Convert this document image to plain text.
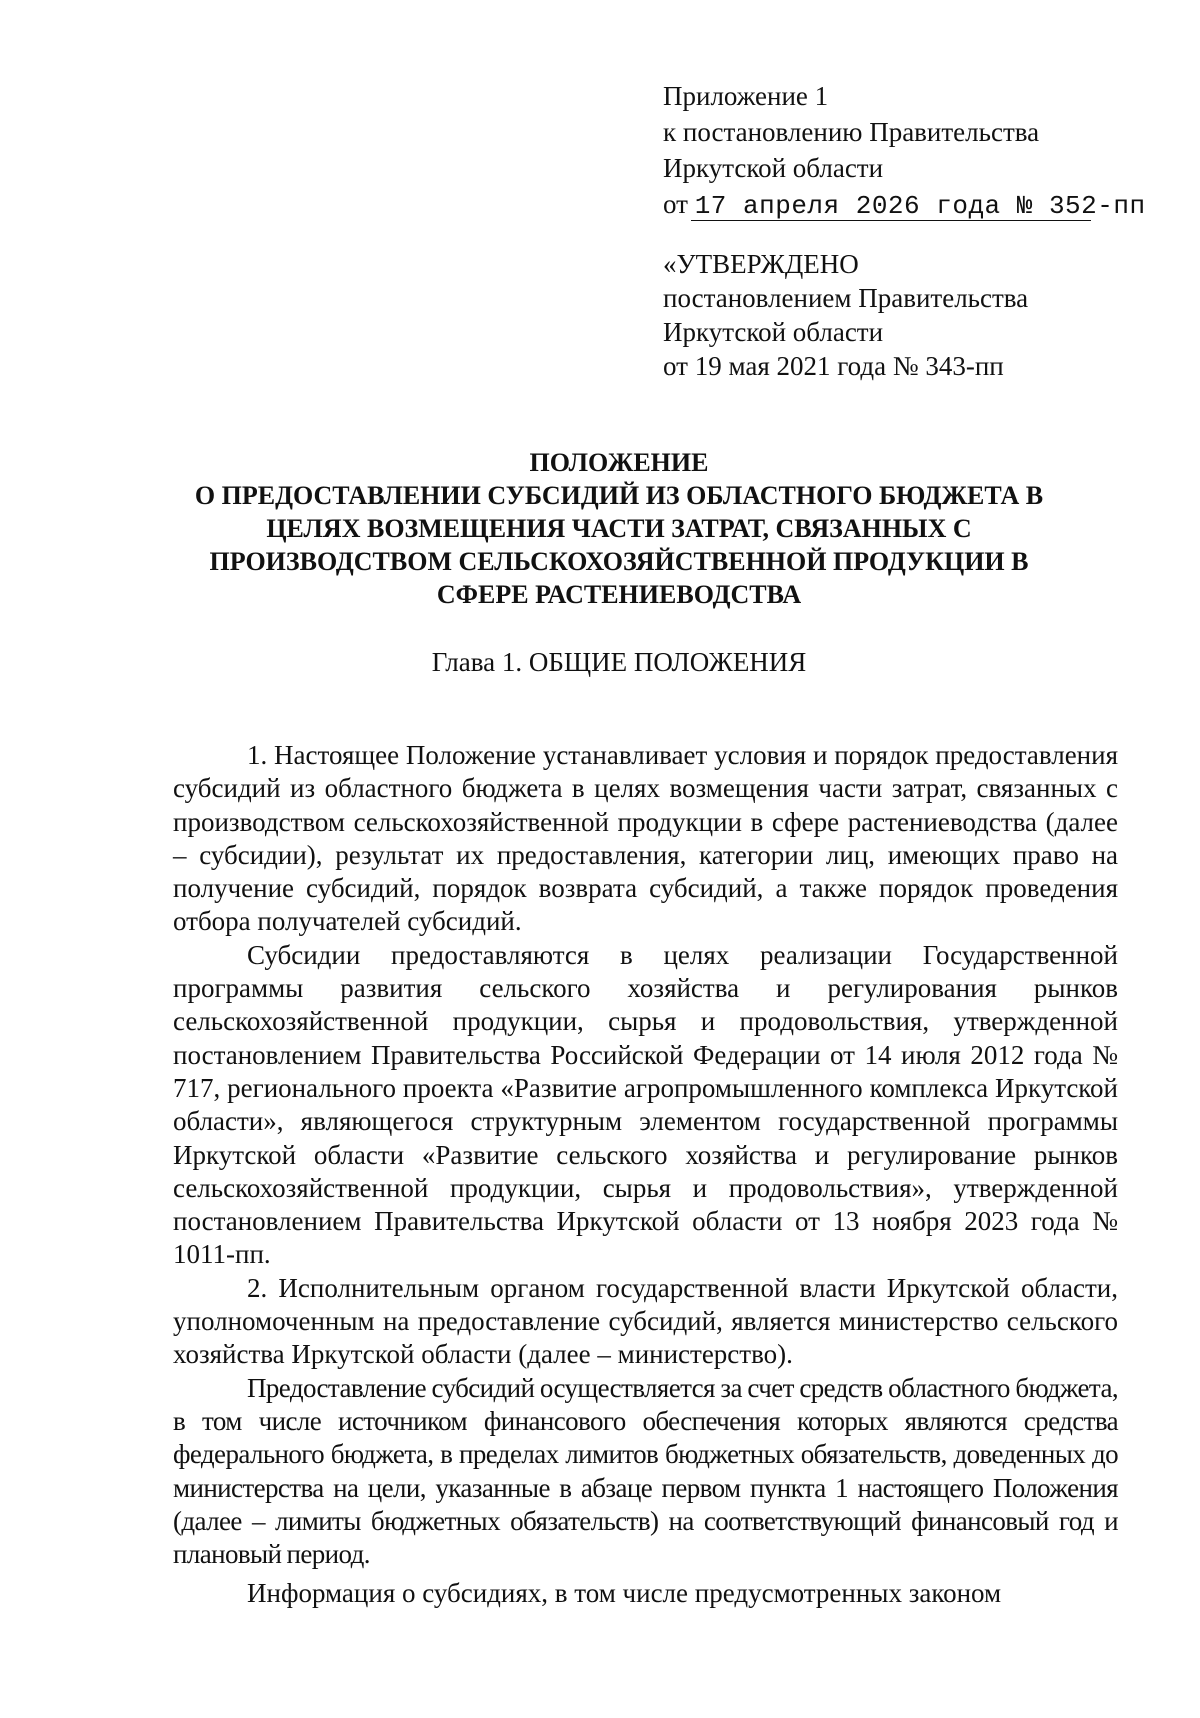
Приложение 1
к постановлению Правительства
Иркутской области
от 17 апреля 2026 года № 352-пп
«УТВЕРЖДЕНО
постановлением Правительства
Иркутской области
от 19 мая 2021 года № 343-пп
ПОЛОЖЕНИЕ
О ПРЕДОСТАВЛЕНИИ СУБСИДИЙ ИЗ ОБЛАСТНОГО БЮДЖЕТА В
ЦЕЛЯХ ВОЗМЕЩЕНИЯ ЧАСТИ ЗАТРАТ, СВЯЗАННЫХ С
ПРОИЗВОДСТВОМ СЕЛЬСКОХОЗЯЙСТВЕННОЙ ПРОДУКЦИИ В
СФЕРЕ РАСТЕНИЕВОДСТВА
Глава 1. ОБЩИЕ ПОЛОЖЕНИЯ

1. Настоящее Положение устанавливает условия и порядок предоставления субсидий из областного бюджета в целях возмещения части затрат, связанных с производством сельскохозяйственной продукции в сфере растениеводства (далее – субсидии), результат их предоставления, категории лиц, имеющих право на получение субсидий, порядок возврата субсидий, а также порядок проведения отбора получателей субсидий.

Субсидии предоставляются в целях реализации Государственной программы развития сельского хозяйства и регулирования рынков сельскохозяйственной продукции, сырья и продовольствия, утвержденной постановлением Правительства Российской Федерации от 14 июля 2012 года № 717, регионального проекта «Развитие агропромышленного комплекса Иркутской области», являющегося структурным элементом государственной программы Иркутской области «Развитие сельского хозяйства и регулирование рынков сельскохозяйственной продукции, сырья и продовольствия», утвержденной постановлением Правительства Иркутской области от 13 ноября 2023 года № 1011-пп.

2. Исполнительным органом государственной власти Иркутской области, уполномоченным на предоставление субсидий, является министерство сельского хозяйства Иркутской области (далее – министерство).

Предоставление субсидий осуществляется за счет средств областного бюджета, в том числе источником финансового обеспечения которых являются средства федерального бюджета, в пределах лимитов бюджетных обязательств, доведенных до министерства на цели, указанные в абзаце первом пункта 1 настоящего Положения (далее – лимиты бюджетных обязательств) на соответствующий финансовый год и плановый период.

Информация о субсидиях, в том числе предусмотренных законом
